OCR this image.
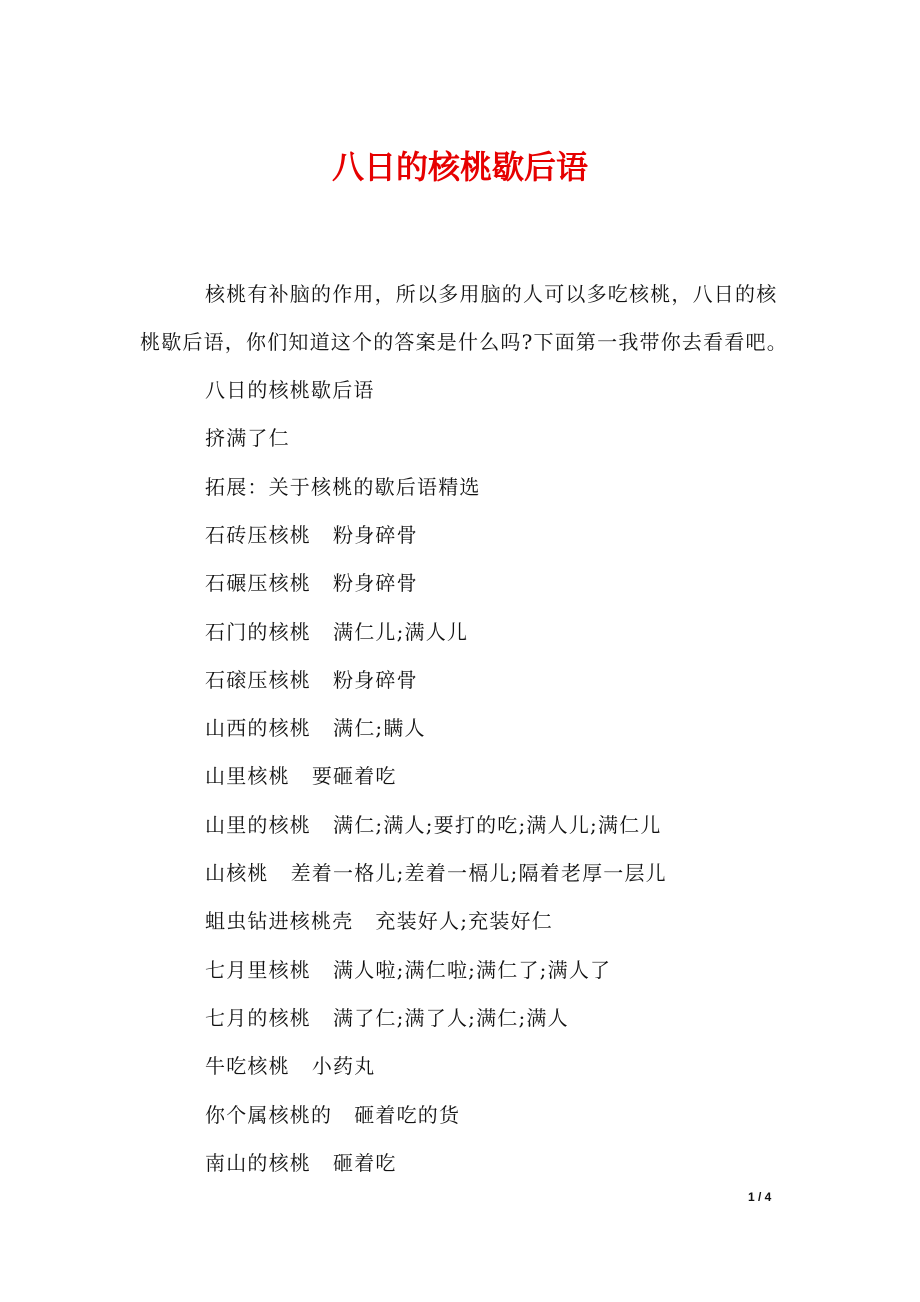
八日的核桃歇后语
核桃有补脑的作用，所以多用脑的人可以多吃核桃，八日的核
桃歇后语，你们知道这个的答案是什么吗?下面第一我带你去看看吧。
八日的核桃歇后语
挤满了仁
拓展：关于核桃的歇后语精选
石砖压核桃 粉身碎骨
石碾压核桃 粉身碎骨
石门的核桃 满仁儿;满人儿
石磙压核桃 粉身碎骨
山西的核桃 满仁;瞒人
山里核桃 要砸着吃
山里的核桃 满仁;满人;要打的吃;满人儿;满仁儿
山核桃 差着一格儿;差着一槅儿;隔着老厚一层儿
蛆虫钻进核桃壳 充装好人;充装好仁
七月里核桃 满人啦;满仁啦;满仁了;满人了
七月的核桃 满了仁;满了人;满仁;满人
牛吃核桃 小药丸
你个属核桃的 砸着吃的货
南山的核桃 砸着吃
1 / 4
